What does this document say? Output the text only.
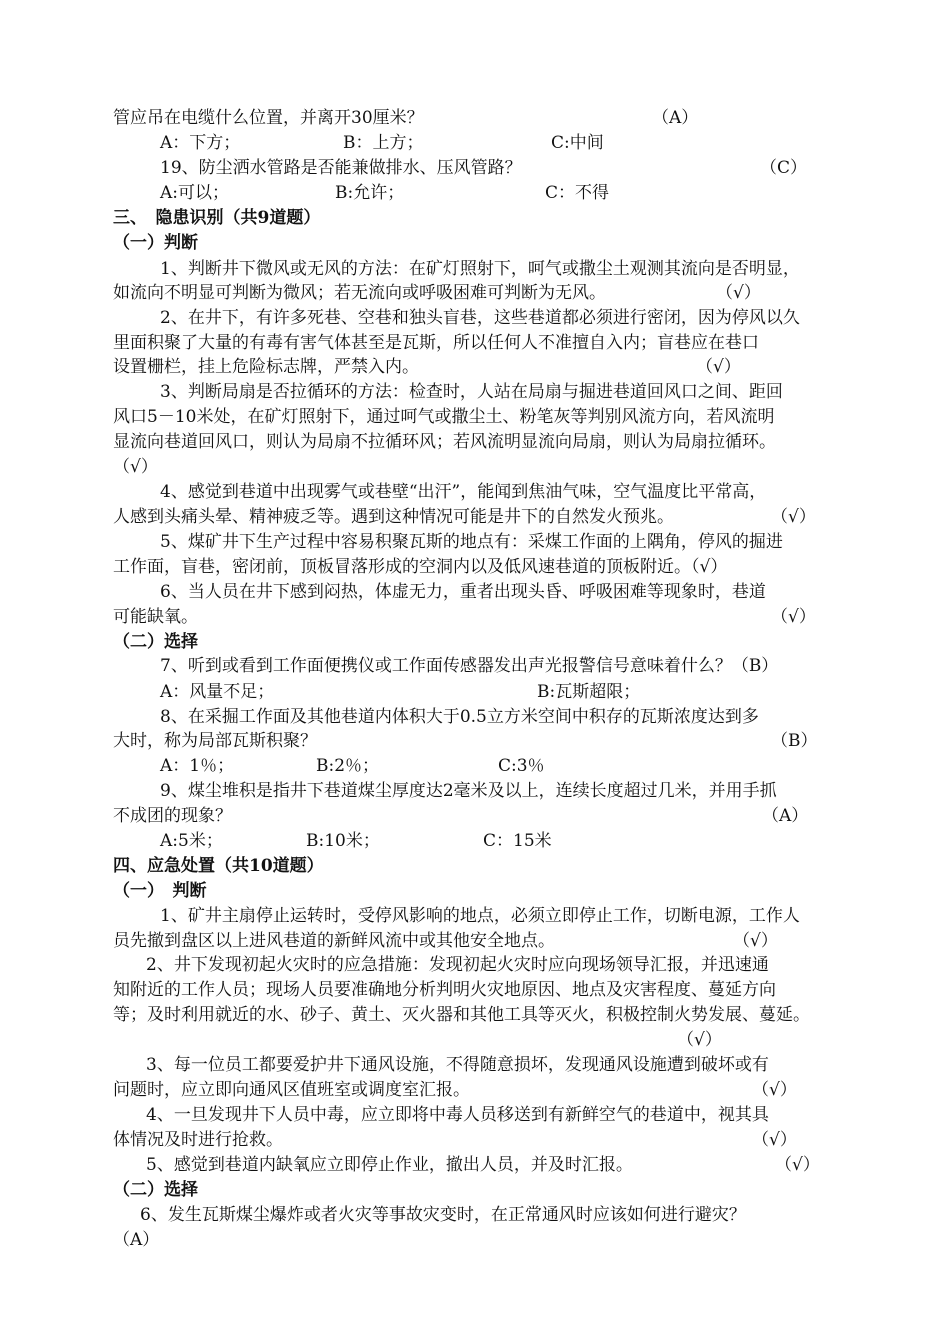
管应吊在电缆什么位置，并离开30厘米？	（A）
A：下方；	B：上方；	C:中间
19、防尘洒水管路是否能兼做排水、压风管路？	（C）
A:可以；	B:允许；	C：不得
三、　隐患识别（共9道题）
（一）判断
1、判断井下微风或无风的方法：在矿灯照射下，呵气或撒尘土观测其流向是否明显，
如流向不明显可判断为微风；若无流向或呼吸困难可判断为无风。	（√）
2、在井下，有许多死巷、空巷和独头盲巷，这些巷道都必须进行密闭，因为停风以久
里面积聚了大量的有毒有害气体甚至是瓦斯，所以任何人不准擅自入内；盲巷应在巷口
设置栅栏，挂上危险标志牌，严禁入内。	（√）
3、判断局扇是否拉循环的方法：检查时，人站在局扇与掘进巷道回风口之间、距回
风口5－10米处，在矿灯照射下，通过呵气或撒尘土、粉笔灰等判别风流方向，若风流明
显流向巷道回风口，则认为局扇不拉循环风；若风流明显流向局扇，则认为局扇拉循环。
（√）
4、感觉到巷道中出现雾气或巷壁“出汗”，能闻到焦油气味，空气温度比平常高，
人感到头痛头晕、精神疲乏等。遇到这种情况可能是井下的自然发火预兆。	（√）
5、煤矿井下生产过程中容易积聚瓦斯的地点有：采煤工作面的上隅角，停风的掘进
工作面，盲巷，密闭前，顶板冒落形成的空洞内以及低风速巷道的顶板附近。（√）
6、当人员在井下感到闷热，体虚无力，重者出现头昏、呼吸困难等现象时，巷道
可能缺氧。	（√）
（二）选择
7、听到或看到工作面便携仪或工作面传感器发出声光报警信号意味着什么？（B）
A：风量不足；	B:瓦斯超限；
8、在采掘工作面及其他巷道内体积大于0.5立方米空间中积存的瓦斯浓度达到多
大时，称为局部瓦斯积聚？	（B）
A：1％；	B:2％；	C:3％
9、煤尘堆积是指井下巷道煤尘厚度达2毫米及以上，连续长度超过几米，并用手抓
不成团的现象？	（A）
A:5米；	B:10米；	C：15米
四、应急处置（共10道题）
（一）　判断
1、矿井主扇停止运转时，受停风影响的地点，必须立即停止工作，切断电源，工作人
员先撤到盘区以上进风巷道的新鲜风流中或其他安全地点。	（√）
2、井下发现初起火灾时的应急措施：发现初起火灾时应向现场领导汇报，并迅速通
知附近的工作人员；现场人员要准确地分析判明火灾地原因、地点及灾害程度、蔓延方向
等；及时利用就近的水、砂子、黄土、灭火器和其他工具等灭火，积极控制火势发展、蔓延。
（√）
3、每一位员工都要爱护井下通风设施，不得随意损坏，发现通风设施遭到破坏或有
问题时，应立即向通风区值班室或调度室汇报。	（√）
4、一旦发现井下人员中毒，应立即将中毒人员移送到有新鲜空气的巷道中，视其具
体情况及时进行抢救。	（√）
5、感觉到巷道内缺氧应立即停止作业，撤出人员，并及时汇报。	（√）
（二）选择
6、发生瓦斯煤尘爆炸或者火灾等事故灾变时，在正常通风时应该如何进行避灾？
（A）
